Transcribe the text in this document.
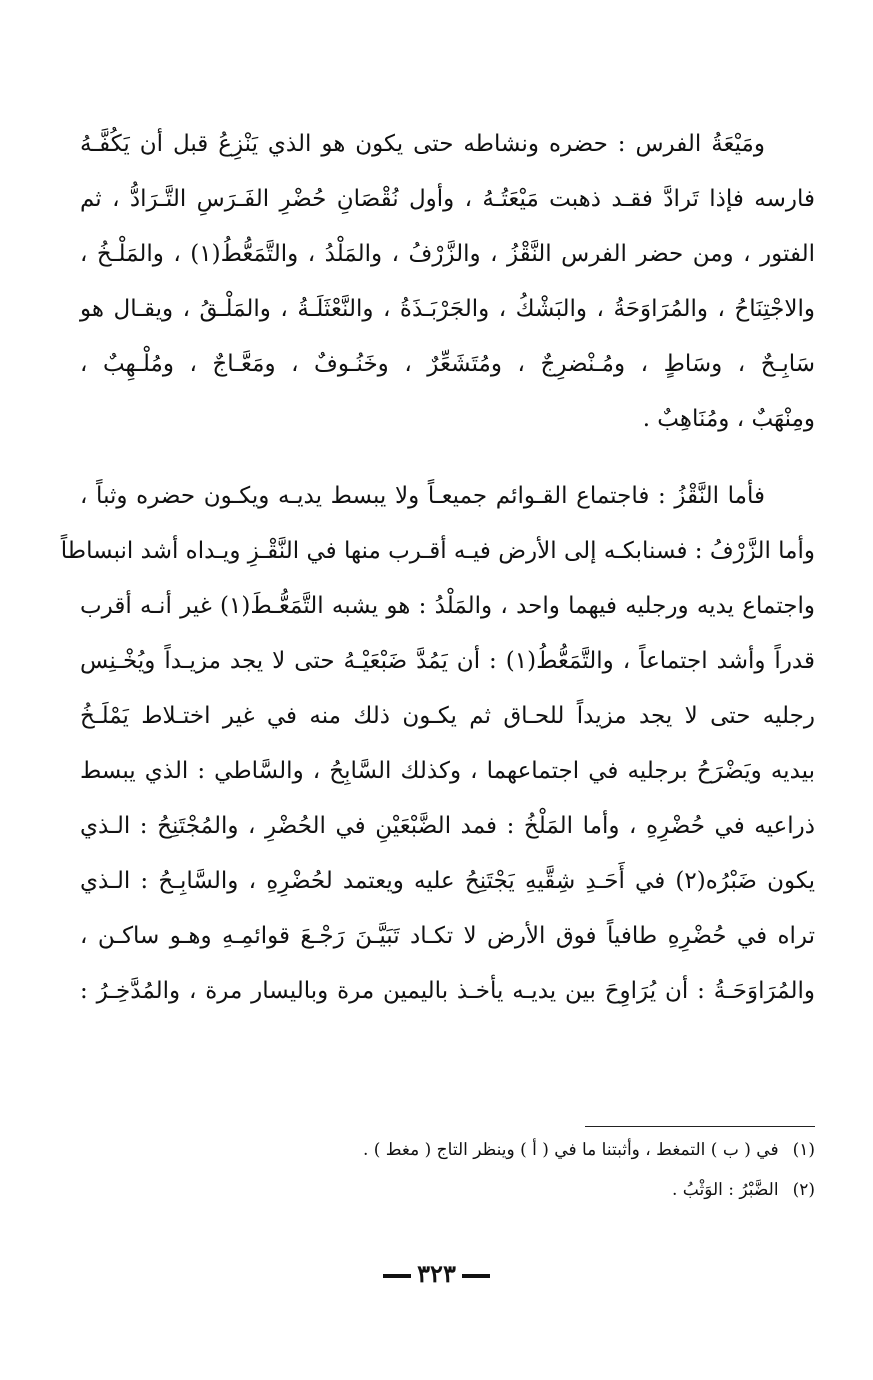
ومَيْعَةُ الفرس : حضره ونشاطه حتى يكون هو الذي يَنْزِعُ قبل أن يَكُفَّـهُ
فارسه فإذا تَرادَّ فقـد ذهبت مَيْعَتُـهُ ، وأول نُقْصَانِ حُضْرِ الفَـرَسِ التَّـرَادُّ ، ثم
الفتور ، ومن حضر الفرس النَّقْزُ ، والزَّرْفُ ، والمَلْدُ ، والتَّمَعُّطُ(١) ، والمَلْـخُ ،
والاجْتِنَاحُ ، والمُرَاوَحَةُ ، والبَشْكُ ، والجَرْبَـذَةُ ، والنَّعْثَلَـةُ ، والمَلْـقُ ، ويقـال هو
سَابِـحٌ ، وسَاطٍ ، ومُـنْضرِجٌ ، ومُتَشَعِّرٌ ، وخَنُـوفٌ ، ومَعَّـاجٌ ، ومُلْـهِبٌ ،
ومِنْهَبٌ ، ومُنَاهِبٌ .
فأما النَّقْزُ : فاجتماع القـوائم جميعـاً ولا يبسط يديـه ويكـون حضره وثباً ،
وأما الزَّرْفُ : فسنابكـه إلى الأرض فيـه أقـرب منها في النَّقْـزِ ويـداه أشد انبساطاً
واجتماع يديه ورجليه فيهما واحد ، والمَلْدُ : هو يشبه التَّمَعُّـطَ(١) غير أنـه أقرب
قدراً وأشد اجتماعاً ، والتَّمَعُّطُ(١) : أن يَمُدَّ ضَبْعَيْـهُ حتى لا يجد مزيـداً ويُخْـنِس
رجليه حتى لا يجد مزيداً للحـاق ثم يكـون ذلك منه في غير اختـلاط يَمْلَـخُ
بيديه ويَضْرَحُ برجليه في اجتماعهما ، وكذلك السَّابِحُ ، والسَّاطي : الذي يبسط
ذراعيه في حُضْرِهِ ، وأما المَلْخُ : فمد الضَّبْعَيْنِ في الحُضْرِ ، والمُجْتَنِحُ : الـذي
يكون ضَبْرُه(٢) في أَحَـدِ شِقَّيهِ يَجْتَنِحُ عليه ويعتمد لحُضْرِهِ ، والسَّابِـحُ : الـذي
تراه في حُضْرِهِ طافياً فوق الأرض لا تكـاد تَبَيَّـنَ رَجْـعَ قوائمِـهِ وهـو ساكـن ،
والمُرَاوَحَـةُ : أن يُرَاوِحَ بين يديـه يأخـذ باليمين مرة وباليسار مرة ، والمُدَّخِـرُ :
(١)في ( ب ) التمغط ، وأثبتنا ما في ( أ ) وينظر التاج ( مغط ) .
(٢)الضَّبْرُ : الوَثْبُ .
٣٢٣
